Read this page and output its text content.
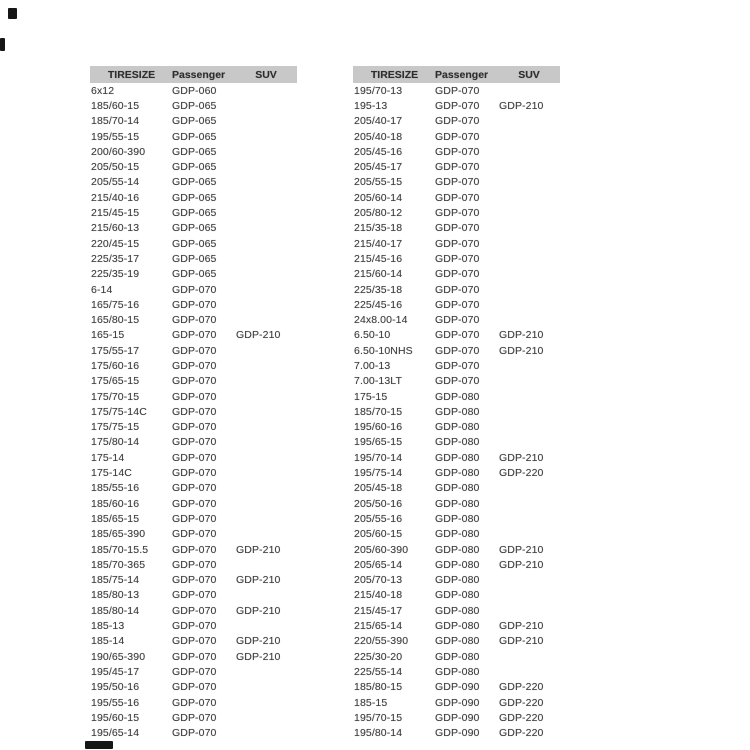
TIRESIZE	Passenger	SUV
6x12	GDP-060
185/60-15	GDP-065
185/70-14	GDP-065
195/55-15	GDP-065
200/60-390	GDP-065
205/50-15	GDP-065
205/55-14	GDP-065
215/40-16	GDP-065
215/45-15	GDP-065
215/60-13	GDP-065
220/45-15	GDP-065
225/35-17	GDP-065
225/35-19	GDP-065
6-14	GDP-070
165/75-16	GDP-070
165/80-15	GDP-070
165-15	GDP-070	GDP-210
175/55-17	GDP-070
175/60-16	GDP-070
175/65-15	GDP-070
175/70-15	GDP-070
175/75-14C	GDP-070
175/75-15	GDP-070
175/80-14	GDP-070
175-14	GDP-070
175-14C	GDP-070
185/55-16	GDP-070
185/60-16	GDP-070
185/65-15	GDP-070
185/65-390	GDP-070
185/70-15.5	GDP-070	GDP-210
185/70-365	GDP-070
185/75-14	GDP-070	GDP-210
185/80-13	GDP-070
185/80-14	GDP-070	GDP-210
185-13	GDP-070
185-14	GDP-070	GDP-210
190/65-390	GDP-070	GDP-210
195/45-17	GDP-070
195/50-16	GDP-070
195/55-16	GDP-070
195/60-15	GDP-070
195/65-14	GDP-070
TIRESIZE	Passenger	SUV
195/70-13	GDP-070
195-13	GDP-070	GDP-210
205/40-17	GDP-070
205/40-18	GDP-070
205/45-16	GDP-070
205/45-17	GDP-070
205/55-15	GDP-070
205/60-14	GDP-070
205/80-12	GDP-070
215/35-18	GDP-070
215/40-17	GDP-070
215/45-16	GDP-070
215/60-14	GDP-070
225/35-18	GDP-070
225/45-16	GDP-070
24x8.00-14	GDP-070
6.50-10	GDP-070	GDP-210
6.50-10NHS	GDP-070	GDP-210
7.00-13	GDP-070
7.00-13LT	GDP-070
175-15	GDP-080
185/70-15	GDP-080
195/60-16	GDP-080
195/65-15	GDP-080
195/70-14	GDP-080	GDP-210
195/75-14	GDP-080	GDP-220
205/45-18	GDP-080
205/50-16	GDP-080
205/55-16	GDP-080
205/60-15	GDP-080
205/60-390	GDP-080	GDP-210
205/65-14	GDP-080	GDP-210
205/70-13	GDP-080
215/40-18	GDP-080
215/45-17	GDP-080
215/65-14	GDP-080	GDP-210
220/55-390	GDP-080	GDP-210
225/30-20	GDP-080
225/55-14	GDP-080
185/80-15	GDP-090	GDP-220
185-15	GDP-090	GDP-220
195/70-15	GDP-090	GDP-220
195/80-14	GDP-090	GDP-220
